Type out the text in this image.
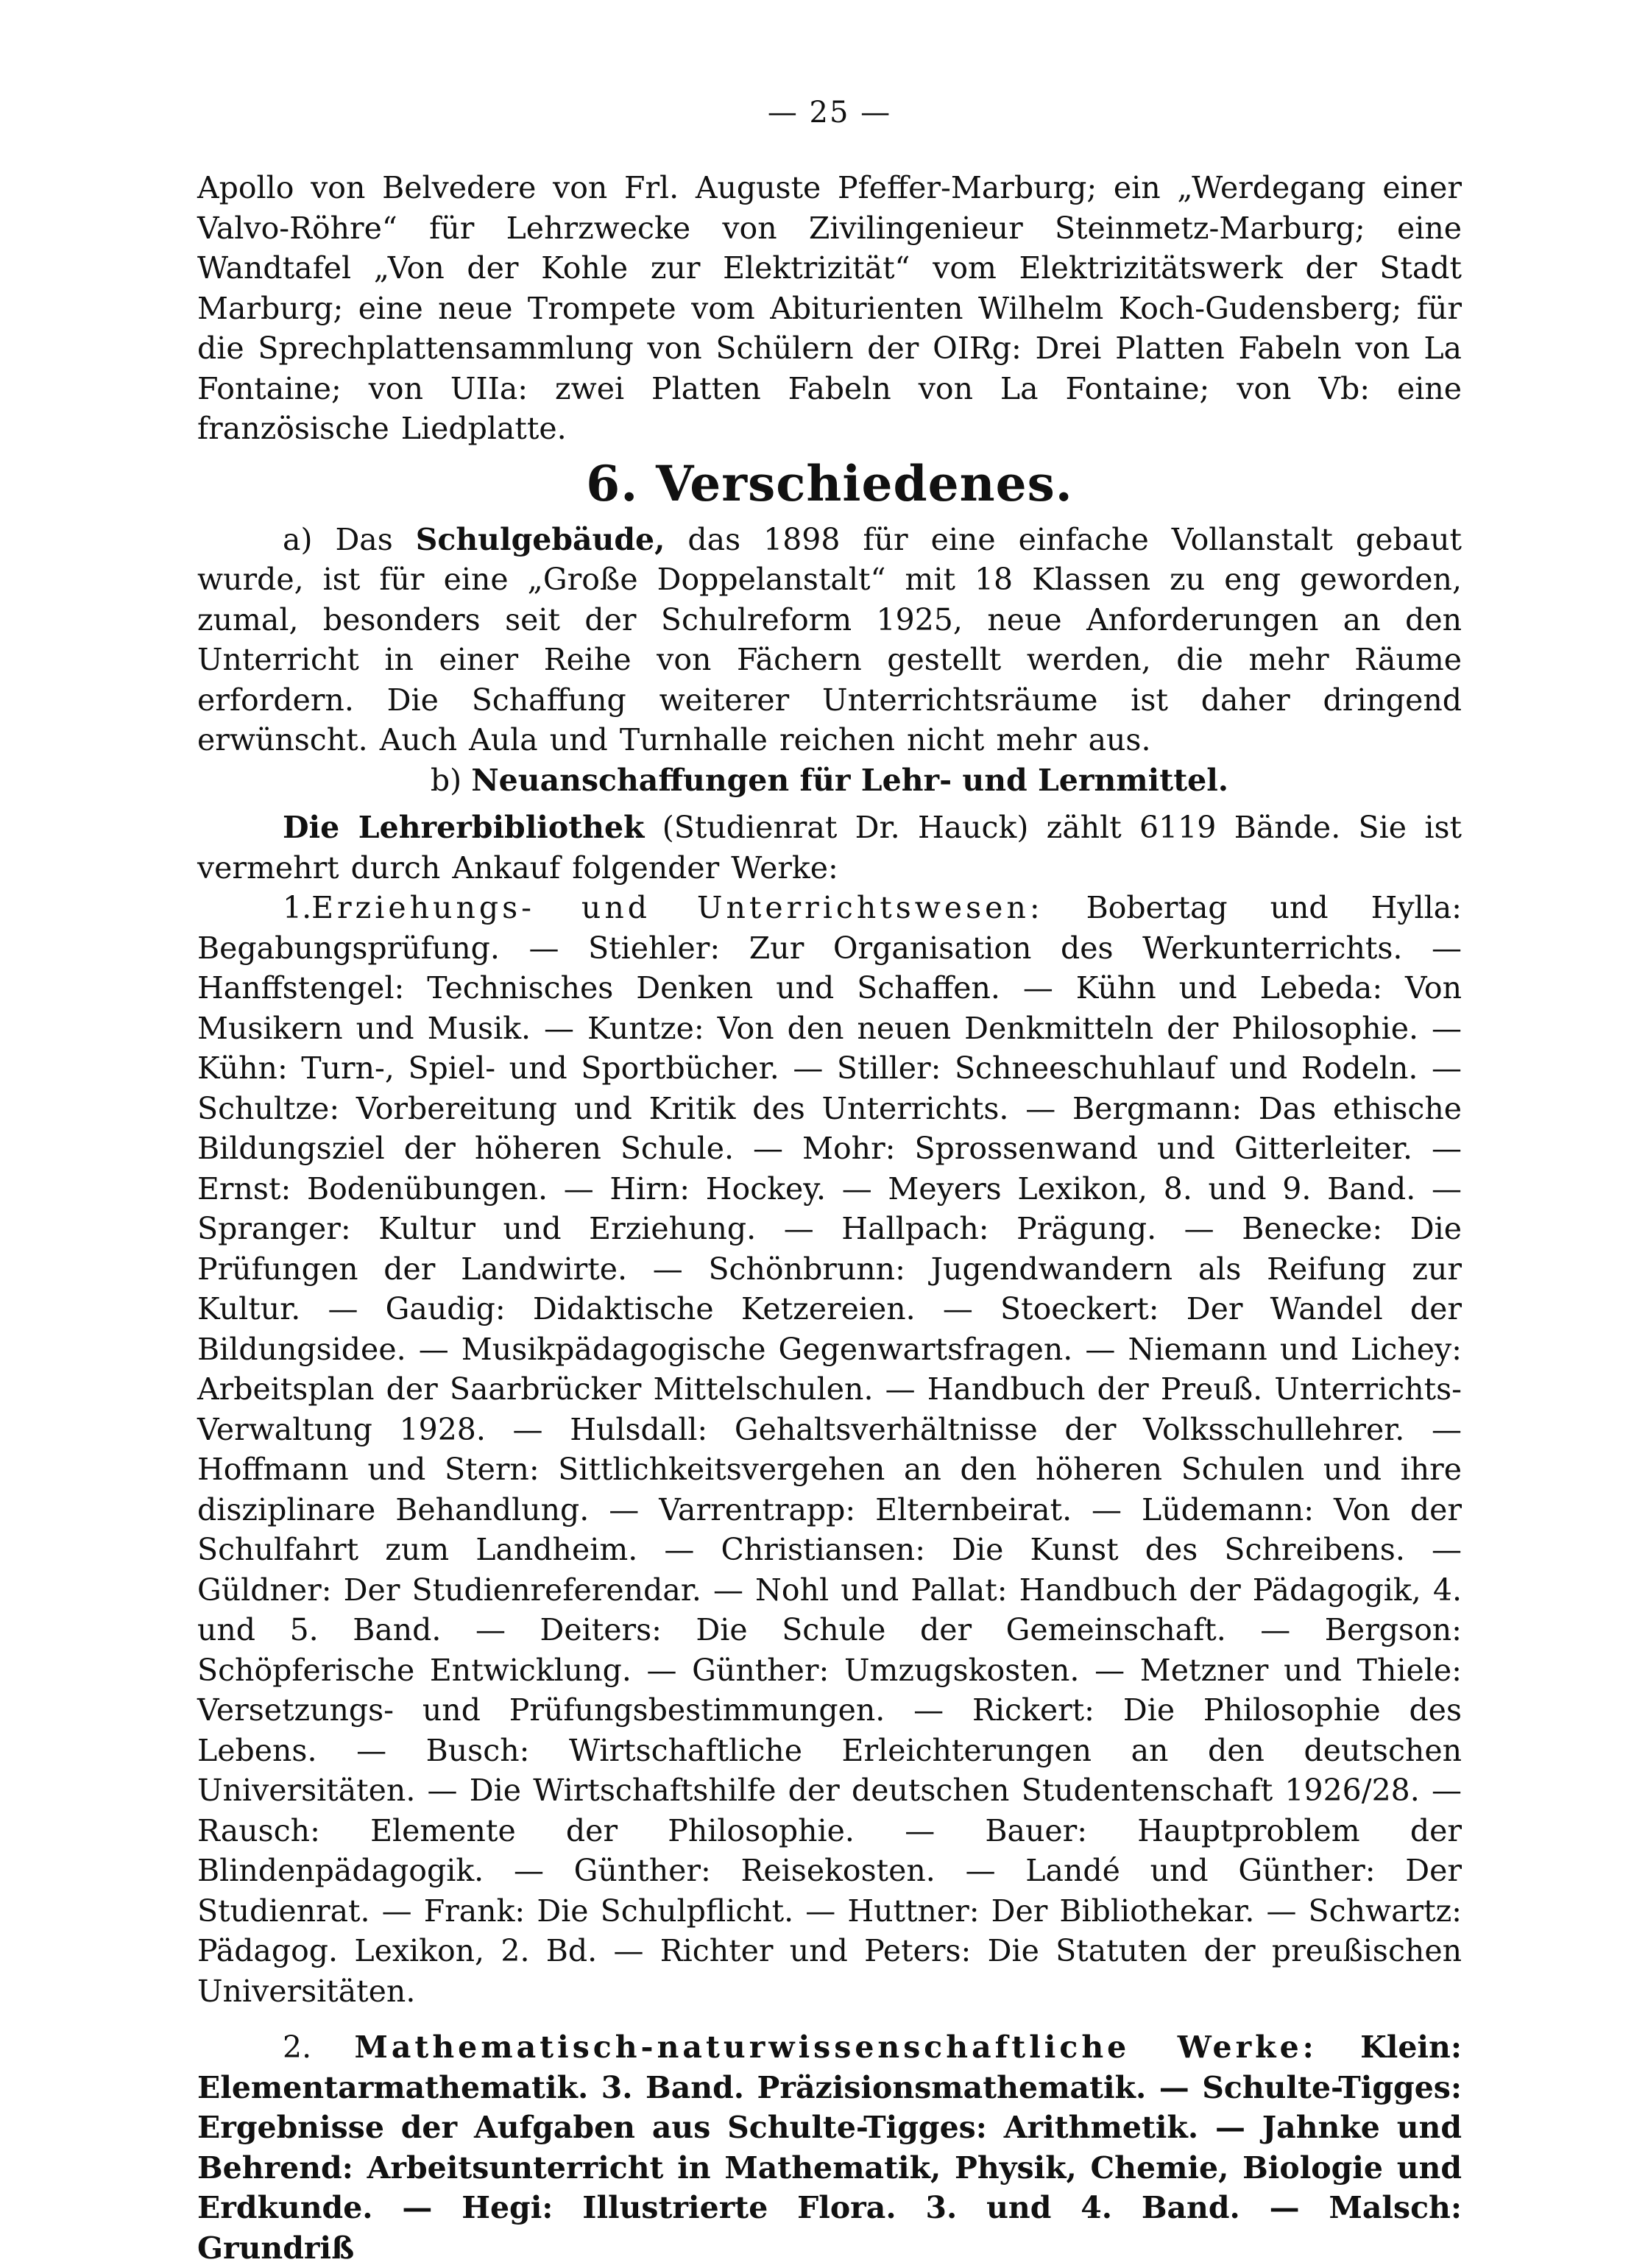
— 25 —

Apollo von Belvedere von Frl. Auguste Pfeffer-Marburg; ein „Werdegang einer Valvo-Röhre“ für Lehrzwecke von Zivilingenieur Steinmetz-Marburg; eine Wandtafel „Von der Kohle zur Elektrizität“ vom Elektrizitätswerk der Stadt Marburg; eine neue Trompete vom Abiturienten Wilhelm Koch-Gudensberg; für die Sprechplattensammlung von Schülern der OIRg: Drei Platten Fabeln von La Fontaine; von UIIa: zwei Platten Fabeln von La Fontaine; von Vb: eine französische Liedplatte.

6. Verschiedenes.

a) Das Schulgebäude, das 1898 für eine einfache Vollanstalt gebaut wurde, ist für eine „Große Doppelanstalt“ mit 18 Klassen zu eng geworden, zumal, besonders seit der Schulreform 1925, neue Anforderungen an den Unterricht in einer Reihe von Fächern gestellt werden, die mehr Räume erfordern. Die Schaffung weiterer Unterrichtsräume ist daher dringend erwünscht. Auch Aula und Turnhalle reichen nicht mehr aus.

b) Neuanschaffungen für Lehr- und Lernmittel.

Die Lehrerbibliothek (Studienrat Dr. Hauck) zählt 6119 Bände. Sie ist vermehrt durch Ankauf folgender Werke:

1.Erziehungs- und Unterrichtswesen: Bobertag und Hylla: Begabungsprüfung. — Stiehler: Zur Organisation des Werkunterrichts. — Hanffstengel: Technisches Denken und Schaffen. — Kühn und Lebeda: Von Musikern und Musik. — Kuntze: Von den neuen Denkmitteln der Philosophie. — Kühn: Turn-, Spiel- und Sportbücher. — Stiller: Schneeschuhlauf und Rodeln. — Schultze: Vorbereitung und Kritik des Unterrichts. — Bergmann: Das ethische Bildungsziel der höheren Schule. — Mohr: Sprossenwand und Gitterleiter. — Ernst: Bodenübungen. — Hirn: Hockey. — Meyers Lexikon, 8. und 9. Band. — Spranger: Kultur und Erziehung. — Hallpach: Prägung. — Benecke: Die Prüfungen der Landwirte. — Schönbrunn: Jugendwandern als Reifung zur Kultur. — Gaudig: Didaktische Ketzereien. — Stoeckert: Der Wandel der Bildungsidee. — Musikpädagogische Gegenwartsfragen. — Niemann und Lichey: Arbeitsplan der Saarbrücker Mittelschulen. — Handbuch der Preuß. Unterrichts-Verwaltung 1928. — Hulsdall: Gehaltsverhältnisse der Volksschullehrer. — Hoffmann und Stern: Sittlichkeitsvergehen an den höheren Schulen und ihre disziplinare Behandlung. — Varrentrapp: Elternbeirat. — Lüdemann: Von der Schulfahrt zum Landheim. — Christiansen: Die Kunst des Schreibens. — Güldner: Der Studienreferendar. — Nohl und Pallat: Handbuch der Pädagogik, 4. und 5. Band. — Deiters: Die Schule der Gemeinschaft. — Bergson: Schöpferische Entwicklung. — Günther: Umzugskosten. — Metzner und Thiele: Versetzungs- und Prüfungsbestimmungen. — Rickert: Die Philosophie des Lebens. — Busch: Wirtschaftliche Erleichterungen an den deutschen Universitäten. — Die Wirtschaftshilfe der deutschen Studentenschaft 1926/28. — Rausch: Elemente der Philosophie. — Bauer: Hauptproblem der Blindenpädagogik. — Günther: Reisekosten. — Landé und Günther: Der Studienrat. — Frank: Die Schulpflicht. — Huttner: Der Bibliothekar. — Schwartz: Pädagog. Lexikon, 2. Bd. — Richter und Peters: Die Statuten der preußischen Universitäten.

2. Mathematisch-naturwissenschaftliche Werke: Klein: Elementarmathematik. 3. Band. Präzisionsmathematik. — Schulte-Tigges: Ergebnisse der Aufgaben aus Schulte-Tigges: Arithmetik. — Jahnke und Behrend: Arbeitsunterricht in Mathematik, Physik, Chemie, Biologie und Erdkunde. — Hegi: Illustrierte Flora. 3. und 4. Band. — Malsch: Grundriß
